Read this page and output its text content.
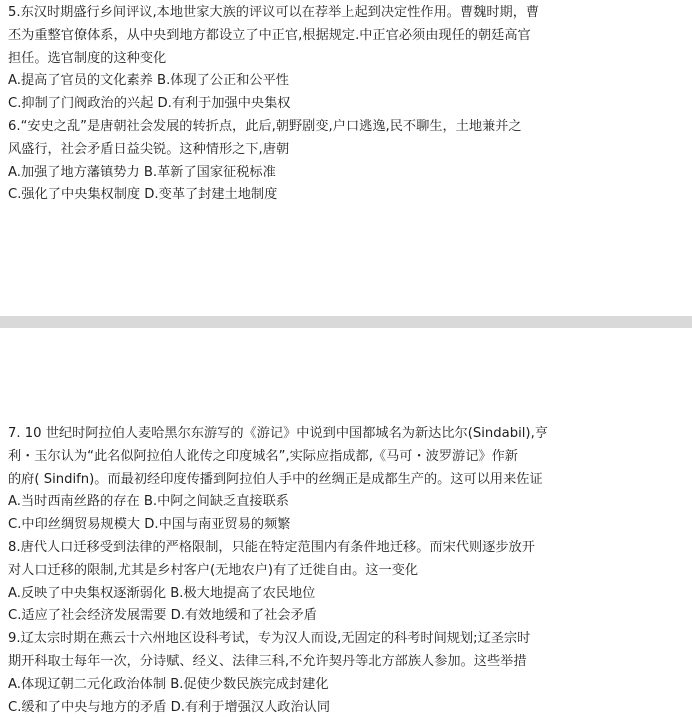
5.东汉时期盛行乡间评议,本地世家大族的评议可以在荐举上起到决定性作用。曹魏时期，曹
丕为重整官僚体系，从中央到地方都设立了中正官,根据规定.中正官必须由现任的朝廷高官
担任。选官制度的这种变化
A.提高了官员的文化素养 B.体现了公正和公平性
C.抑制了门阀政治的兴起 D.有利于加强中央集权
6.“安史之乱”是唐朝社会发展的转折点，此后,朝野剧变,户口逃逸,民不聊生，土地兼并之
风盛行，社会矛盾日益尖锐。这种情形之下,唐朝
A.加强了地方藩镇势力 B.革新了国家征税标准
C.强化了中央集权制度 D.变革了封建土地制度
7. 10 世纪时阿拉伯人麦哈黑尔东游写的《游记》中说到中国都城名为新达比尔(Sindabil),亨
利・玉尔认为“此名似阿拉伯人讹传之印度城名”,实际应指成都,《马可・波罗游记》作新
的府( Sindifn)。而最初经印度传播到阿拉伯人手中的丝绸正是成都生产的。这可以用来佐证
A.当时西南丝路的存在 B.中阿之间缺乏直接联系
C.中印丝绸贸易规模大 D.中国与南亚贸易的频繁
8.唐代人口迁移受到法律的严格限制，只能在特定范围内有条件地迁移。而宋代则逐步放开
对人口迁移的限制,尤其是乡村客户(无地农户)有了迁徙自由。这一变化
A.反映了中央集权逐渐弱化 B.极大地提高了农民地位
C.适应了社会经济发展需要 D.有效地缓和了社会矛盾
9.辽太宗时期在燕云十六州地区设科考试，专为汉人而设,无固定的科考时间规划;辽圣宗时
期开科取士每年一次，分诗赋、经义、法律三科,不允许契丹等北方部族人参加。这些举措
A.体现辽朝二元化政治体制 B.促使少数民族完成封建化
C.缓和了中央与地方的矛盾 D.有利于增强汉人政治认同
